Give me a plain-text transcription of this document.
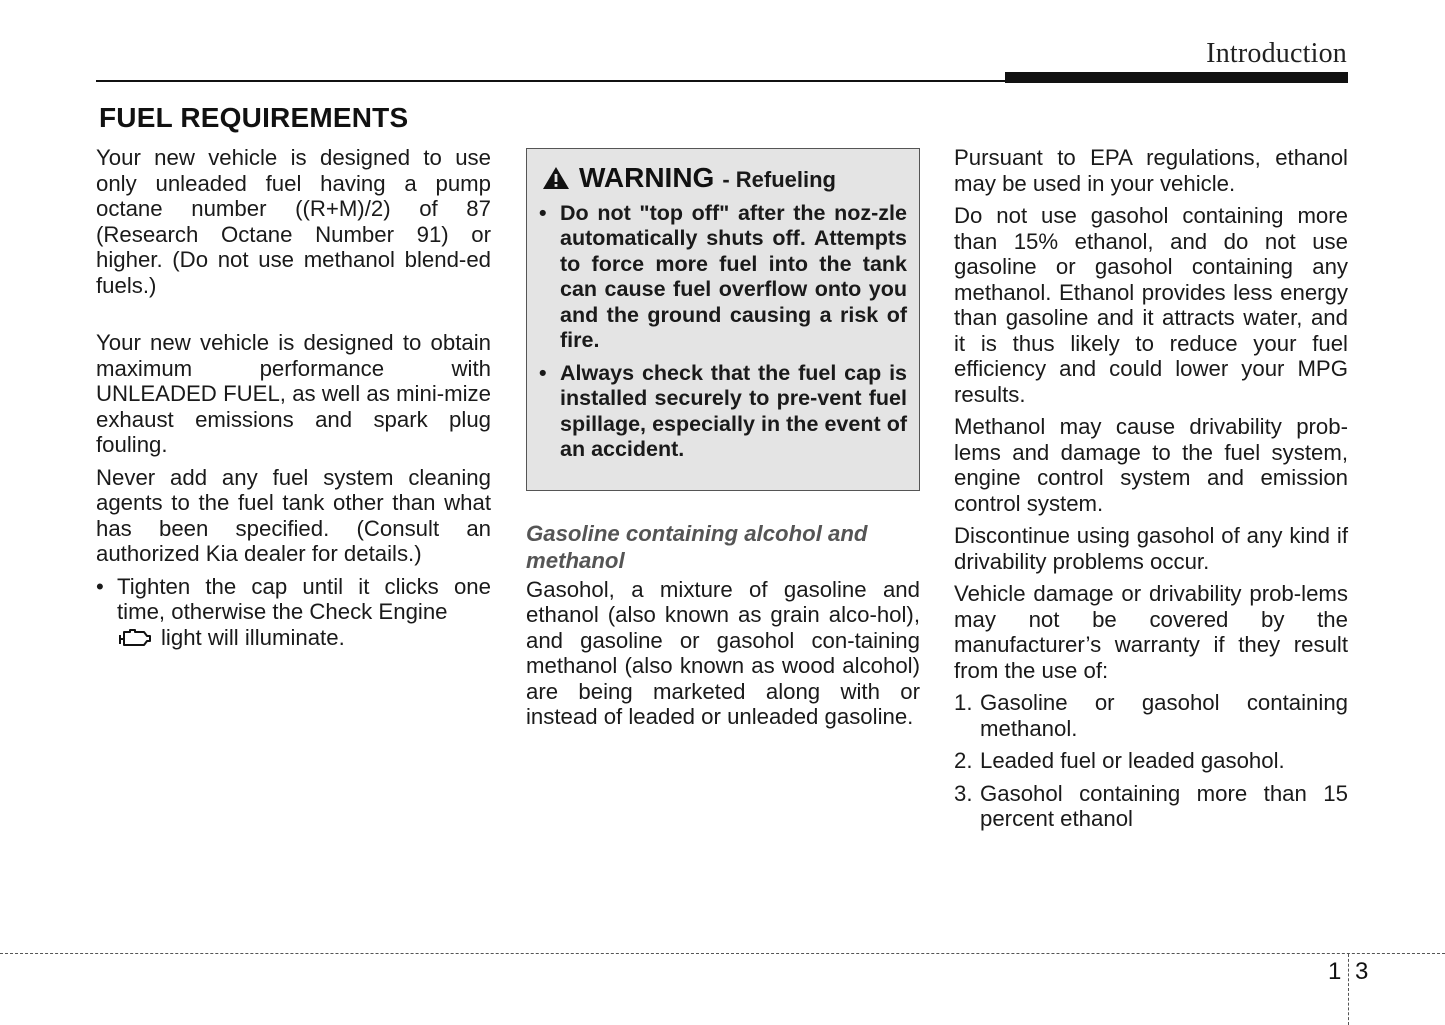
Introduction
FUEL REQUIREMENTS

Your new vehicle is designed to use only unleaded fuel having a pump octane number ((R+M)/2) of 87 (Research Octane Number 91) or higher. (Do not use methanol blend-ed fuels.)

Your new vehicle is designed to obtain maximum performance with UNLEADED FUEL, as well as mini-mize exhaust emissions and spark plug fouling.

Never add any fuel system cleaning agents to the fuel tank other than what has been specified. (Consult an authorized Kia dealer for details.)

• Tighten the cap until it clicks one time, otherwise the Check Engine
light will illuminate.
WARNING - Refueling
• Do not "top off" after the noz-zle automatically shuts off. Attempts to force more fuel into the tank can cause fuel overflow onto you and the ground causing a risk of fire.
• Always check that the fuel cap is installed securely to pre-vent fuel spillage, especially in the event of an accident.
Gasoline containing alcohol and methanol

Gasohol, a mixture of gasoline and ethanol (also known as grain alco-hol), and gasoline or gasohol con-taining methanol (also known as wood alcohol) are being marketed along with or instead of leaded or unleaded gasoline.

Pursuant to EPA regulations, ethanol may be used in your vehicle.

Do not use gasohol containing more than 15% ethanol, and do not use gasoline or gasohol containing any methanol. Ethanol provides less energy than gasoline and it attracts water, and it is thus likely to reduce your fuel efficiency and could lower your MPG results.

Methanol may cause drivability prob-lems and damage to the fuel system, engine control system and emission control system.

Discontinue using gasohol of any kind if drivability problems occur.

Vehicle damage or drivability prob-lems may not be covered by the manufacturer’s warranty if they result from the use of:

1. Gasoline or gasohol containing methanol.
2. Leaded fuel or leaded gasohol.
3. Gasohol containing more than 15 percent ethanol
1 3
